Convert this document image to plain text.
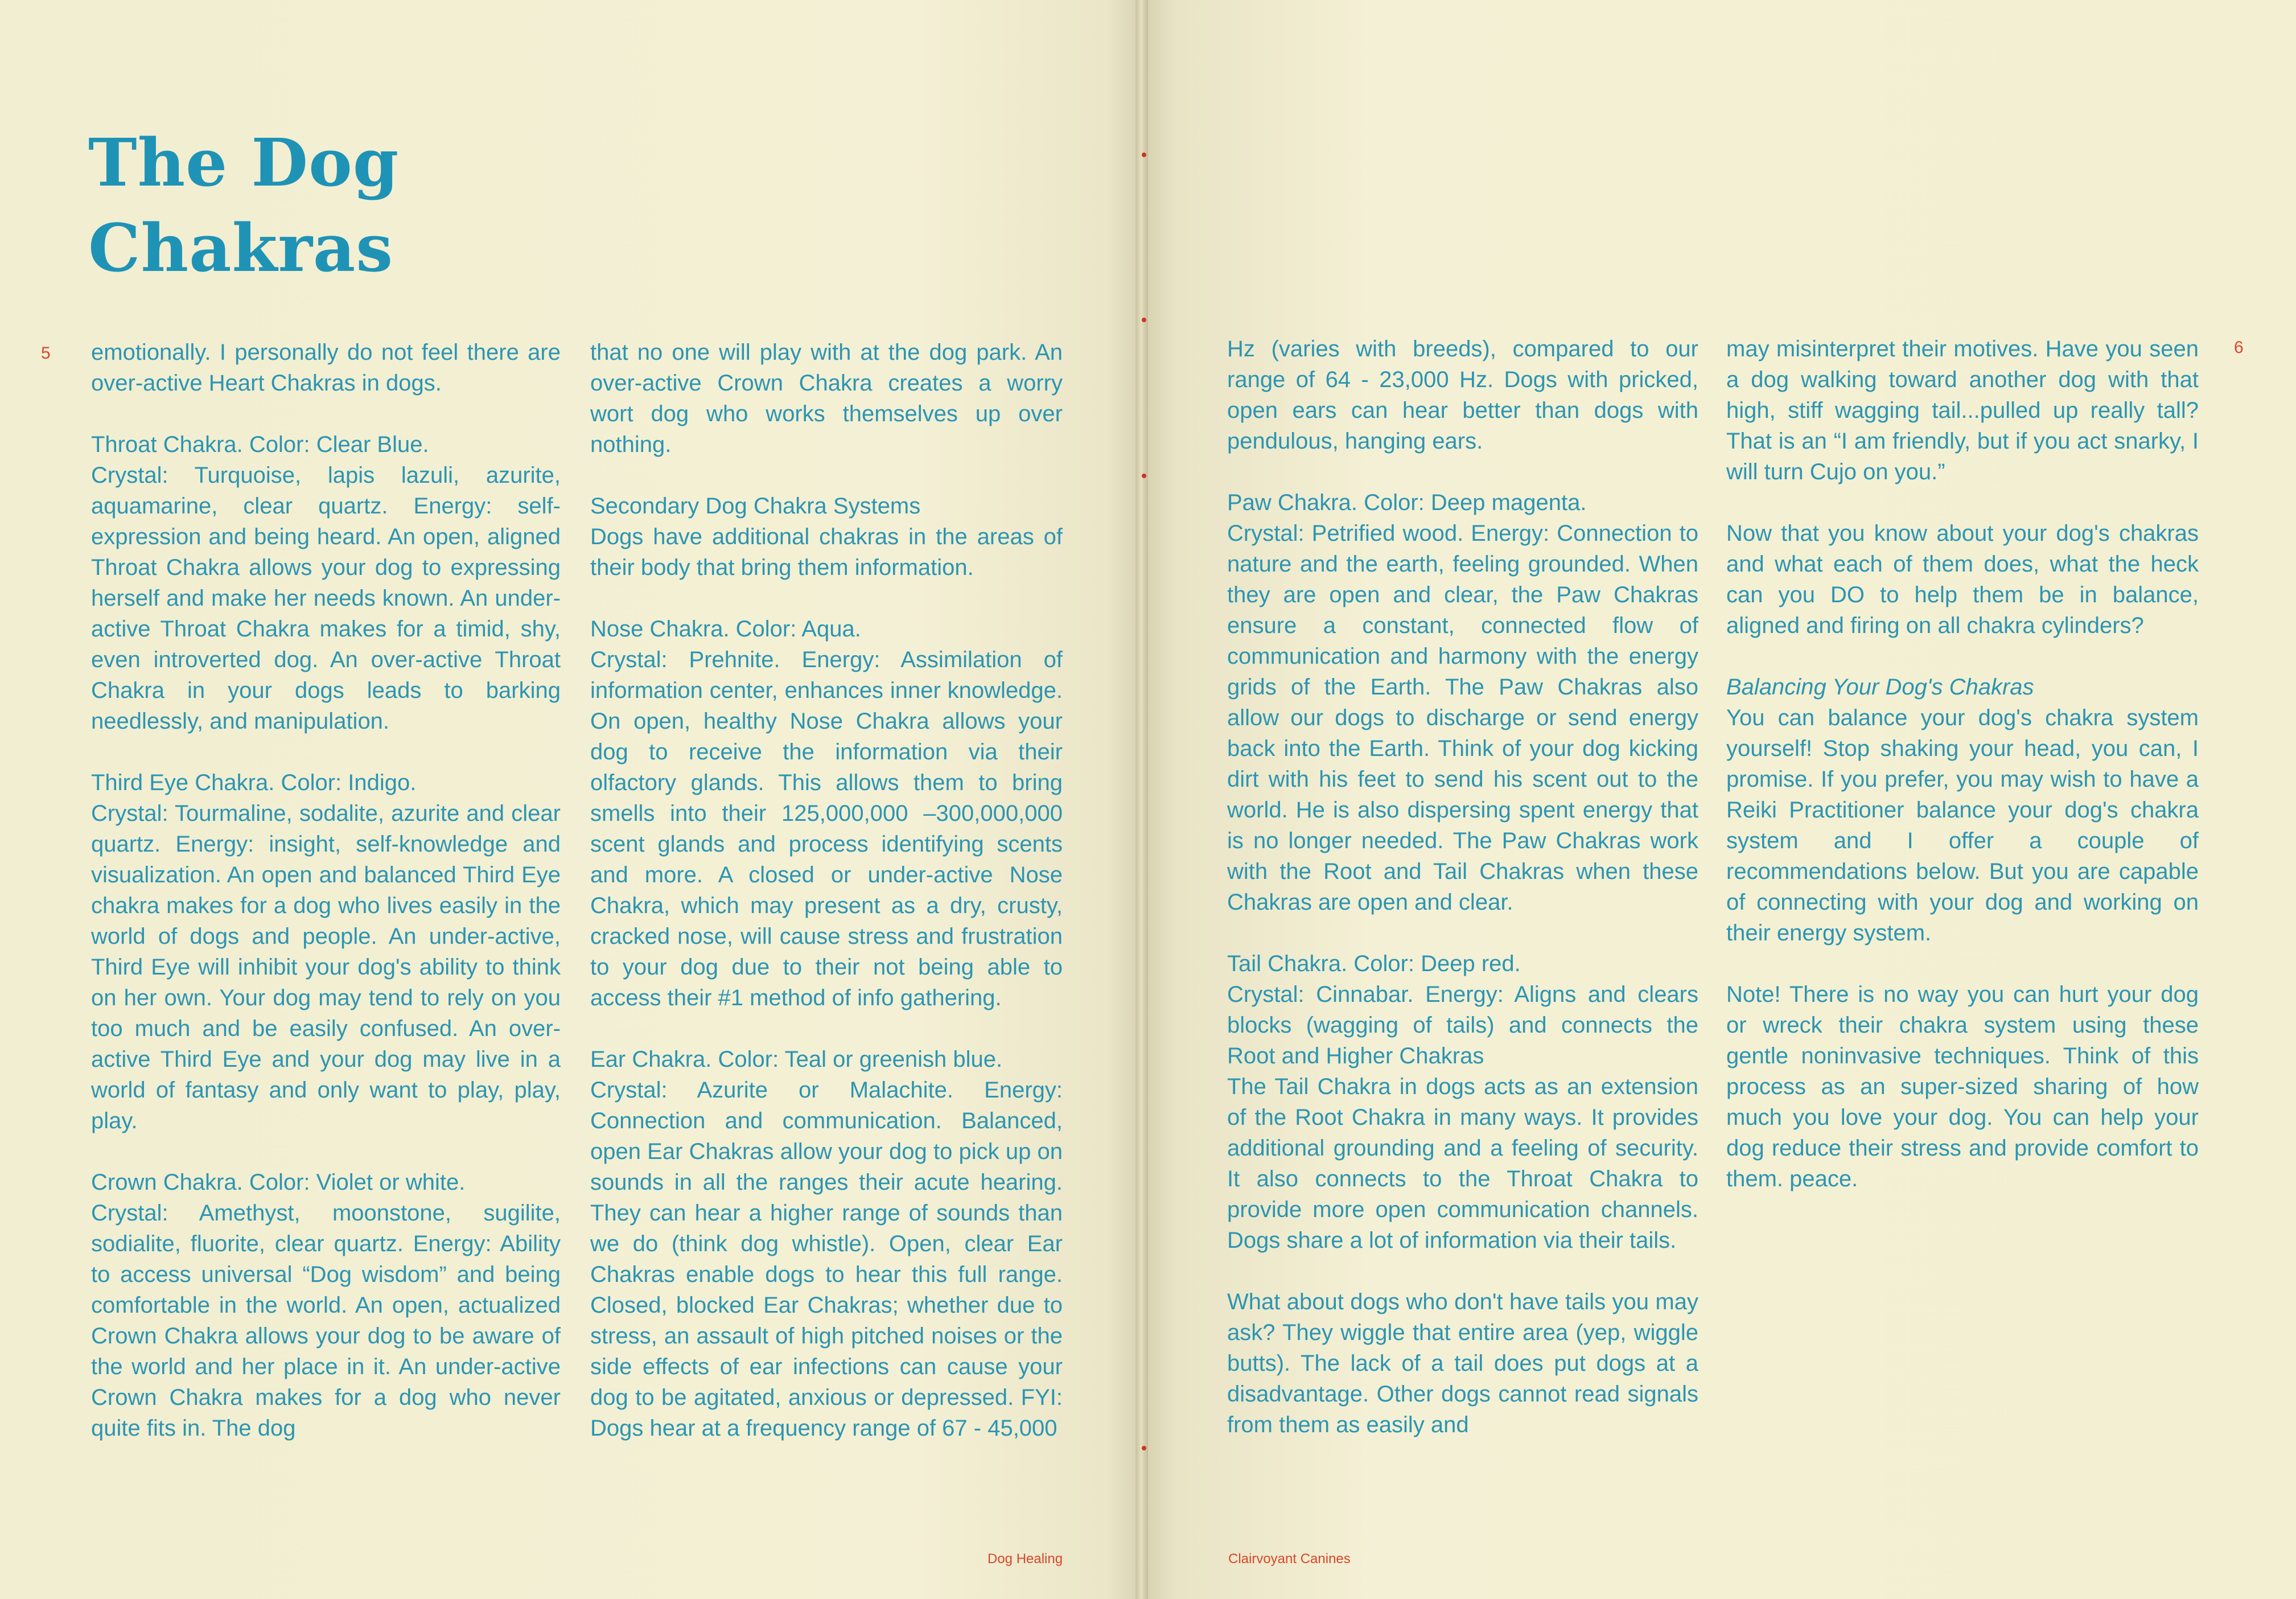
The Dog
Chakras
5	6

emotionally. I personally do not feel there are over-active Heart Chakras in dogs.

Throat Chakra. Color: Clear Blue.
Crystal: Turquoise, lapis lazuli, azurite, aquamarine, clear quartz. Energy: self-expression and being heard. An open, aligned Throat Chakra allows your dog to expressing herself and make her needs known. An under-active Throat Chakra makes for a timid, shy, even introverted dog. An over-active Throat Chakra in your dogs leads to barking needlessly, and manipulation.

Third Eye Chakra. Color: Indigo.
Crystal: Tourmaline, sodalite, azurite and clear quartz. Energy: insight, self-knowledge and visualization. An open and balanced Third Eye chakra makes for a dog who lives easily in the world of dogs and people. An under-active, Third Eye will inhibit your dog's ability to think on her own. Your dog may tend to rely on you too much and be easily confused. An over-active Third Eye and your dog may live in a world of fantasy and only want to play, play, play.

Crown Chakra. Color: Violet or white.
Crystal: Amethyst, moonstone, sugilite, sodialite, fluorite, clear quartz. Energy: Ability to access universal “Dog wisdom” and being comfortable in the world. An open, actualized Crown Chakra allows your dog to be aware of the world and her place in it. An under-active Crown Chakra makes for a dog who never quite fits in. The dog

that no one will play with at the dog park. An over-active Crown Chakra creates a worry wort dog who works themselves up over nothing.

Secondary Dog Chakra Systems
Dogs have additional chakras in the areas of their body that bring them information.

Nose Chakra. Color: Aqua.
Crystal: Prehnite. Energy: Assimilation of information center, enhances inner knowledge. On open, healthy Nose Chakra allows your dog to receive the information via their olfactory glands. This allows them to bring smells into their 125,000,000 –300,000,000 scent glands and process identifying scents and more. A closed or under-active Nose Chakra, which may present as a dry, crusty, cracked nose, will cause stress and frustration to your dog due to their not being able to access their #1 method of info gathering.

Ear Chakra. Color: Teal or greenish blue.
Crystal: Azurite or Malachite. Energy: Connection and communication. Balanced, open Ear Chakras allow your dog to pick up on sounds in all the ranges their acute hearing. They can hear a higher range of sounds than we do (think dog whistle). Open, clear Ear Chakras enable dogs to hear this full range. Closed, blocked Ear Chakras; whether due to stress, an assault of high pitched noises or the side effects of ear infections can cause your dog to be agitated, anxious or depressed. FYI: Dogs hear at a frequency range of 67 - 45,000

Hz (varies with breeds), compared to our range of 64 - 23,000 Hz. Dogs with pricked, open ears can hear better than dogs with pendulous, hanging ears.

Paw Chakra. Color: Deep magenta.
Crystal: Petrified wood. Energy: Connection to nature and the earth, feeling grounded. When they are open and clear, the Paw Chakras ensure a constant, connected flow of communication and harmony with the energy grids of the Earth. The Paw Chakras also allow our dogs to discharge or send energy back into the Earth. Think of your dog kicking dirt with his feet to send his scent out to the world. He is also dispersing spent energy that is no longer needed. The Paw Chakras work with the Root and Tail Chakras when these Chakras are open and clear.

Tail Chakra. Color: Deep red.
Crystal: Cinnabar. Energy: Aligns and clears blocks (wagging of tails) and connects the Root and Higher Chakras
The Tail Chakra in dogs acts as an extension of the Root Chakra in many ways. It provides additional grounding and a feeling of security. It also connects to the Throat Chakra to provide more open communication channels. Dogs share a lot of information via their tails.

What about dogs who don't have tails you may ask? They wiggle that entire area (yep, wiggle butts). The lack of a tail does put dogs at a disadvantage. Other dogs cannot read signals from them as easily and

may misinterpret their motives. Have you seen a dog walking toward another dog with that high, stiff wagging tail...pulled up really tall? That is an “I am friendly, but if you act snarky, I will turn Cujo on you.”

Now that you know about your dog's chakras and what each of them does, what the heck can you DO to help them be in balance, aligned and firing on all chakra cylinders?

Balancing Your Dog's Chakras
You can balance your dog's chakra system yourself! Stop shaking your head, you can, I promise. If you prefer, you may wish to have a Reiki Practitioner balance your dog's chakra system and I offer a couple of recommendations below. But you are capable of connecting with your dog and working on their energy system.

Note! There is no way you can hurt your dog or wreck their chakra system using these gentle noninvasive techniques. Think of this process as an super-sized sharing of how much you love your dog. You can help your dog reduce their stress and provide comfort to them. peace.

Dog Healing	Clairvoyant Canines
